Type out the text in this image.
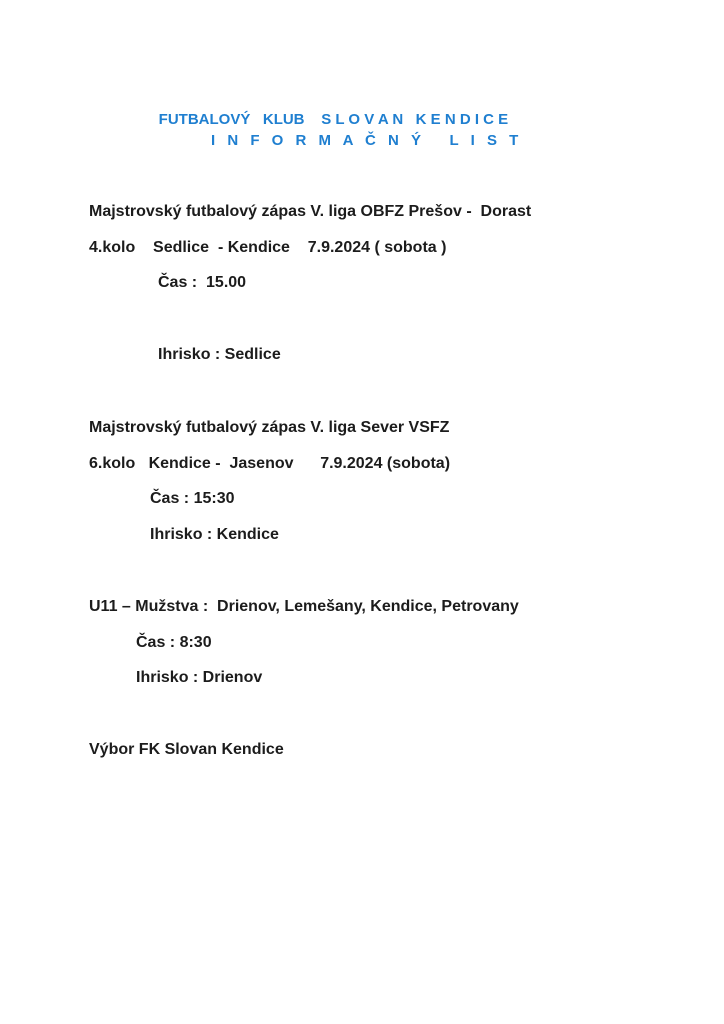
FUTBALOVÝ KLUB S L O V A N   K E N D I C E

I N F O R M A Č N Ý   L I S T
Majstrovský futbalový zápas V. liga OBFZ Prešov -  Dorast
4.kolo    Sedlice  - Kendice    7.9.2024 ( sobota )
Čas :  15.00
Ihrisko : Sedlice
Majstrovský futbalový zápas V. liga Sever VSFZ
6.kolo   Kendice -  Jasenov      7.9.2024 (sobota)
Čas : 15:30
Ihrisko : Kendice
U11 – Mužstva :  Drienov, Lemešany, Kendice, Petrovany
Čas : 8:30
Ihrisko : Drienov
Výbor FK Slovan Kendice
